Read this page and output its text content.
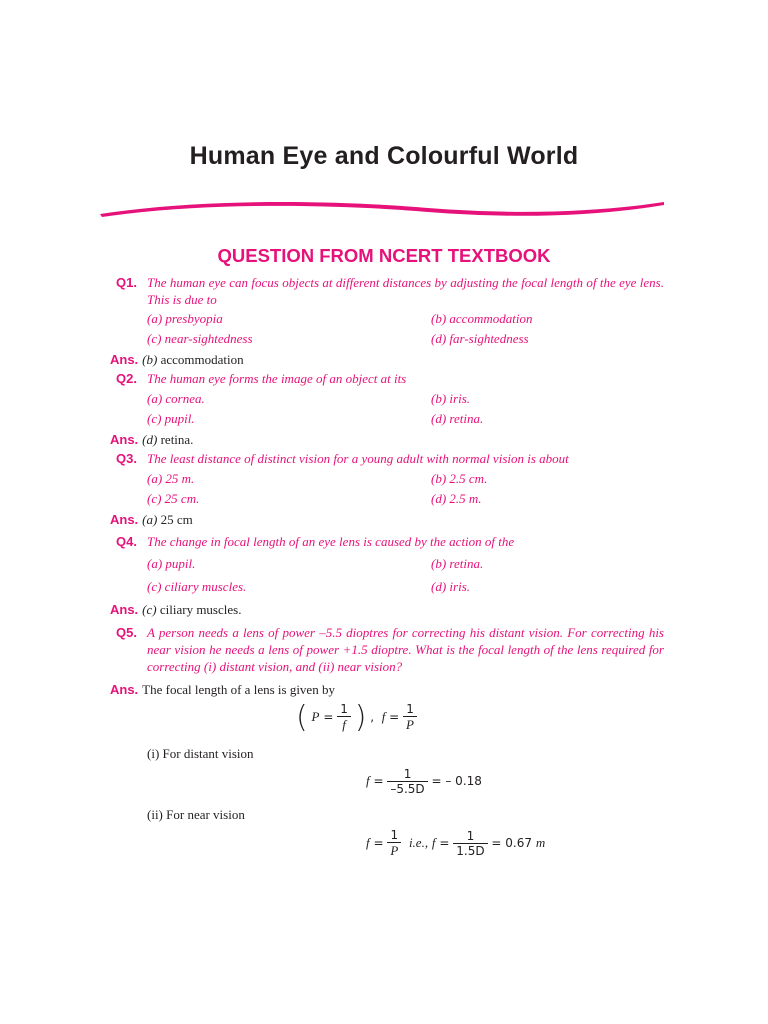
Human Eye and Colourful World
QUESTION FROM NCERT TEXTBOOK
Q1. The human eye can focus objects at different distances by adjusting the focal length of the eye lens. This is due to
(a) presbyopia	(b) accommodation
(c) near-sightedness	(d) far-sightedness
Ans. (b) accommodation
Q2. The human eye forms the image of an object at its
(a) cornea.	(b) iris.
(c) pupil.	(d) retina.
Ans. (d) retina.
Q3. The least distance of distinct vision for a young adult with normal vision is about
(a) 25 m.	(b) 2.5 cm.
(c) 25 cm.	(d) 2.5 m.
Ans. (a) 25 cm
Q4. The change in focal length of an eye lens is caused by the action of the
(a) pupil.	(b) retina.
(c) ciliary muscles.	(d) iris.
Ans. (c) ciliary muscles.
Q5. A person needs a lens of power –5.5 dioptres for correcting his distant vision. For correcting his near vision he needs a lens of power +1.5 dioptre. What is the focal length of the lens required for correcting (i) distant vision, and (ii) near vision?
Ans. The focal length of a lens is given by
( $P = \frac{1}{f}$ ) , $f = \frac{1}{P}$
(i) For distant vision
$f = \frac{1}{-5.5D}$ = – 0.18
(ii) For near vision
$f = \frac{1}{P} i.e$., $f = \frac{1}{1.5D} = 0.67$ m
